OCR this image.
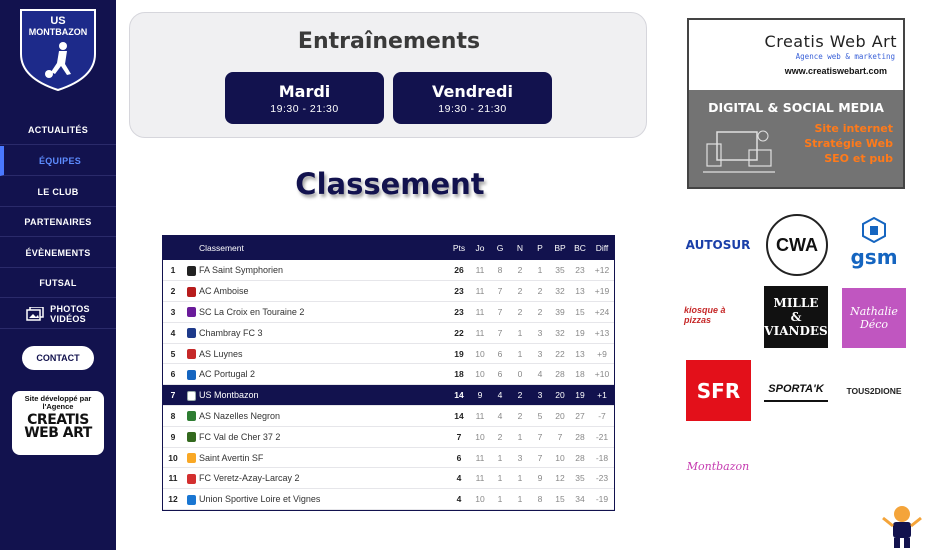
US
MONTBAZON
ACTUALITÉS
ÉQUIPES
LE CLUB
PARTENAIRES
ÉVÈNEMENTS
FUTSAL
PHOTOS
VIDÉOS
CONTACT
Site développé par l'Agence
CREATIS
WEB ART
Entraînements
Mardi
19:30 - 21:30
Vendredi
19:30 - 21:30
Classement
		Classement	Pts	Jo	G	N	P	BP	BC	Diff
1		FA Saint Symphorien	26	11	8	2	1	35	23	+12
2		AC Amboise	23	11	7	2	2	32	13	+19
3		SC La Croix en Touraine 2	23	11	7	2	2	39	15	+24
4		Chambray FC 3	22	11	7	1	3	32	19	+13
5		AS Luynes	19	10	6	1	3	22	13	+9
6		AC Portugal 2	18	10	6	0	4	28	18	+10
7		US Montbazon	14	9	4	2	3	20	19	+1
8		AS Nazelles Negron	14	11	4	2	5	20	27	-7
9		FC Val de Cher 37 2	7	10	2	1	7	7	28	-21
10		Saint Avertin SF	6	11	1	3	7	10	28	-18
11		FC Veretz-Azay-Larcay 2	4	11	1	1	9	12	35	-23
12		Union Sportive Loire et Vignes	4	10	1	1	8	15	34	-19
Creatis Web Art
Agence web & marketing
www.creatiswebart.com
DIGITAL & SOCIAL MEDIA
Site internet
Stratégie Web
SEO et pub
AUTOSUR	CWA
gsm
kiosque à pizzas
MILLE
&
VIANDES
Nathalie
Déco
SFR	SPORTA'K	TOUS2DIONE
Montbazon
